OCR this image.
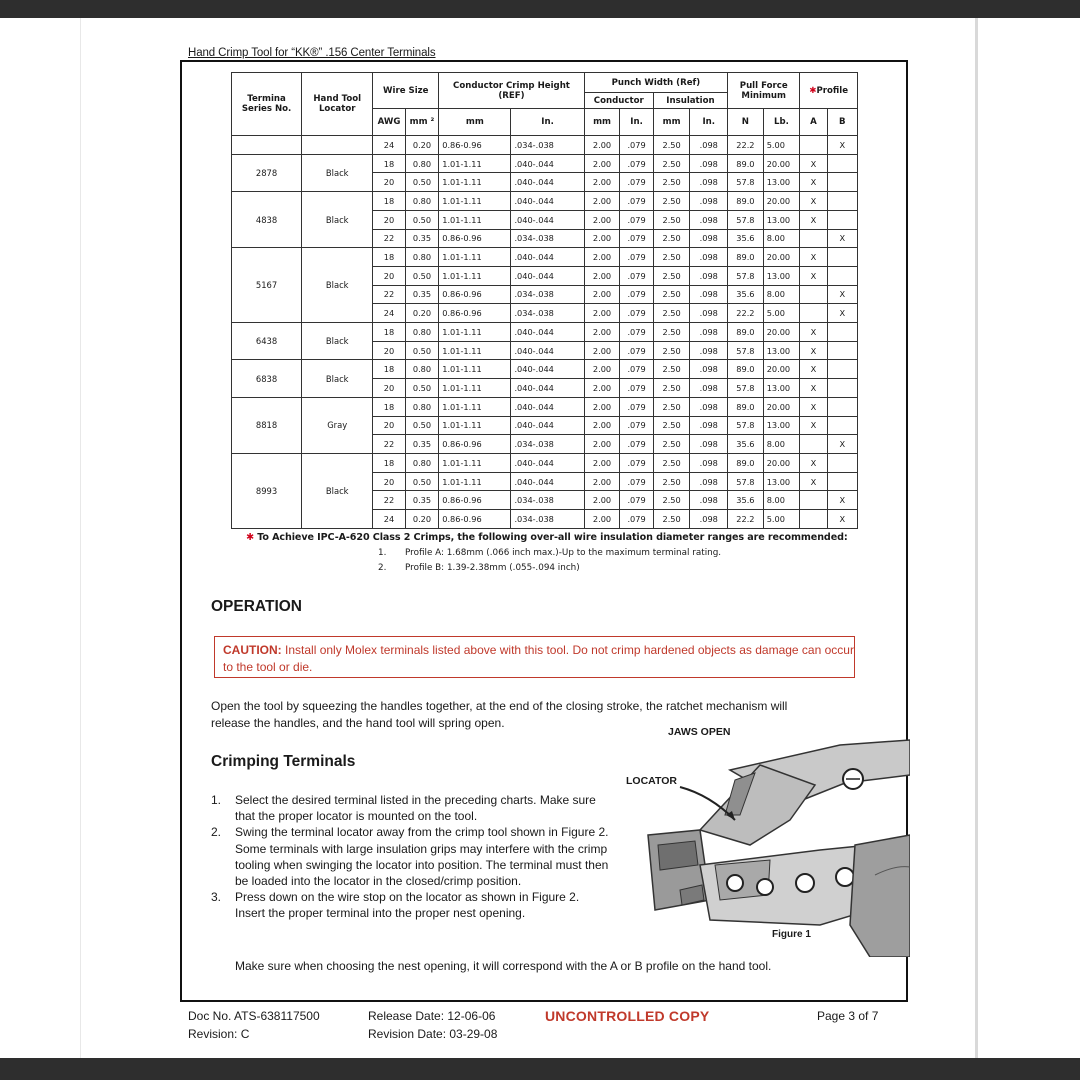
Hand Crimp Tool for “KK®” .156 Center Terminals
Termina Series No.	Hand Tool Locator	Wire Size		Conductor Crimp Height (REF)		Punch Width (Ref)				Pull Force Minimum		✱Profile	
						Conductor		Insulation					
		AWG	mm ²	mm	In.	mm	In.	mm	In.	N	Lb.	A	B
		24	0.20	0.86-0.96	.034-.038	2.00	.079	2.50	.098	22.2	5.00		X
2878	Black	18	0.80	1.01-1.11	.040-.044	2.00	.079	2.50	.098	89.0	20.00	X	
		20	0.50	1.01-1.11	.040-.044	2.00	.079	2.50	.098	57.8	13.00	X	
4838	Black	18	0.80	1.01-1.11	.040-.044	2.00	.079	2.50	.098	89.0	20.00	X	
		20	0.50	1.01-1.11	.040-.044	2.00	.079	2.50	.098	57.8	13.00	X	
		22	0.35	0.86-0.96	.034-.038	2.00	.079	2.50	.098	35.6	8.00		X
5167	Black	18	0.80	1.01-1.11	.040-.044	2.00	.079	2.50	.098	89.0	20.00	X	
		20	0.50	1.01-1.11	.040-.044	2.00	.079	2.50	.098	57.8	13.00	X	
		22	0.35	0.86-0.96	.034-.038	2.00	.079	2.50	.098	35.6	8.00		X
		24	0.20	0.86-0.96	.034-.038	2.00	.079	2.50	.098	22.2	5.00		X
6438	Black	18	0.80	1.01-1.11	.040-.044	2.00	.079	2.50	.098	89.0	20.00	X	
		20	0.50	1.01-1.11	.040-.044	2.00	.079	2.50	.098	57.8	13.00	X	
6838	Black	18	0.80	1.01-1.11	.040-.044	2.00	.079	2.50	.098	89.0	20.00	X	
		20	0.50	1.01-1.11	.040-.044	2.00	.079	2.50	.098	57.8	13.00	X	
8818	Gray	18	0.80	1.01-1.11	.040-.044	2.00	.079	2.50	.098	89.0	20.00	X	
		20	0.50	1.01-1.11	.040-.044	2.00	.079	2.50	.098	57.8	13.00	X	
		22	0.35	0.86-0.96	.034-.038	2.00	.079	2.50	.098	35.6	8.00		X
8993	Black	18	0.80	1.01-1.11	.040-.044	2.00	.079	2.50	.098	89.0	20.00	X	
		20	0.50	1.01-1.11	.040-.044	2.00	.079	2.50	.098	57.8	13.00	X	
		22	0.35	0.86-0.96	.034-.038	2.00	.079	2.50	.098	35.6	8.00		X
		24	0.20	0.86-0.96	.034-.038	2.00	.079	2.50	.098	22.2	5.00		X
✱ To Achieve IPC-A-620 Class 2 Crimps, the following over-all wire insulation diameter ranges are recommended:
1. Profile A: 1.68mm (.066 inch max.)-Up to the maximum terminal rating.
2. Profile B: 1.39-2.38mm (.055-.094 inch)
OPERATION
CAUTION: Install only Molex terminals listed above with this tool. Do not crimp hardened objects as damage can occur to the tool or die.
Open the tool by squeezing the handles together, at the end of the closing stroke, the ratchet mechanism will
release the handles, and the hand tool will spring open.
Crimping Terminals
1. Select the desired terminal listed in the preceding charts. Make sure that the proper locator is mounted on the tool.
2. Swing the terminal locator away from the crimp tool shown in Figure 2. Some terminals with large insulation grips may interfere with the crimp tooling when swinging the locator into position. The terminal must then be loaded into the locator in the closed/crimp position.
3. Press down on the wire stop on the locator as shown in Figure 2. Insert the proper terminal into the proper nest opening.
Make sure when choosing the nest opening, it will correspond with the A or B profile on the hand tool.
JAWS OPEN
LOCATOR
Figure 1
Doc No. ATS-638117500
Revision: C
Release Date: 12-06-06
Revision Date: 03-29-08
UNCONTROLLED COPY	Page 3 of 7
